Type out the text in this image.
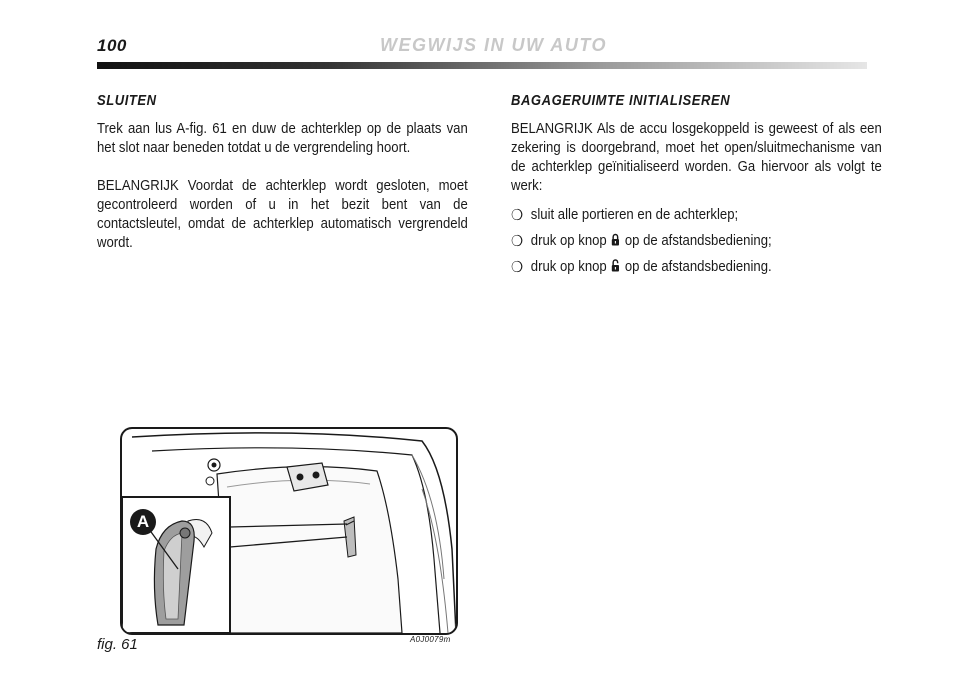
100	WEGWIJS IN UW AUTO
SLUITEN

Trek aan lus A-fig. 61 en duw de achterklep op de plaats van het slot naar beneden totdat u de vergrendeling hoort.

BELANGRIJK Voordat de achterklep wordt gesloten, moet gecontroleerd worden of u in het bezit bent van de contactsleutel, omdat de achterklep automatisch vergrendeld wordt.

BAGAGERUIMTE INITIALISEREN

BELANGRIJK Als de accu losgekoppeld is geweest of als een zekering is doorgebrand, moet het open/sluitmechanisme van de achterklep geïnitialiseerd worden. Ga hiervoor als volgt te werk:

❍ sluit alle portieren en de achterklep;
❍ druk op knop op de afstandsbediening;
❍ druk op knop op de afstandsbediening.
A
fig. 61	A0J0079m
